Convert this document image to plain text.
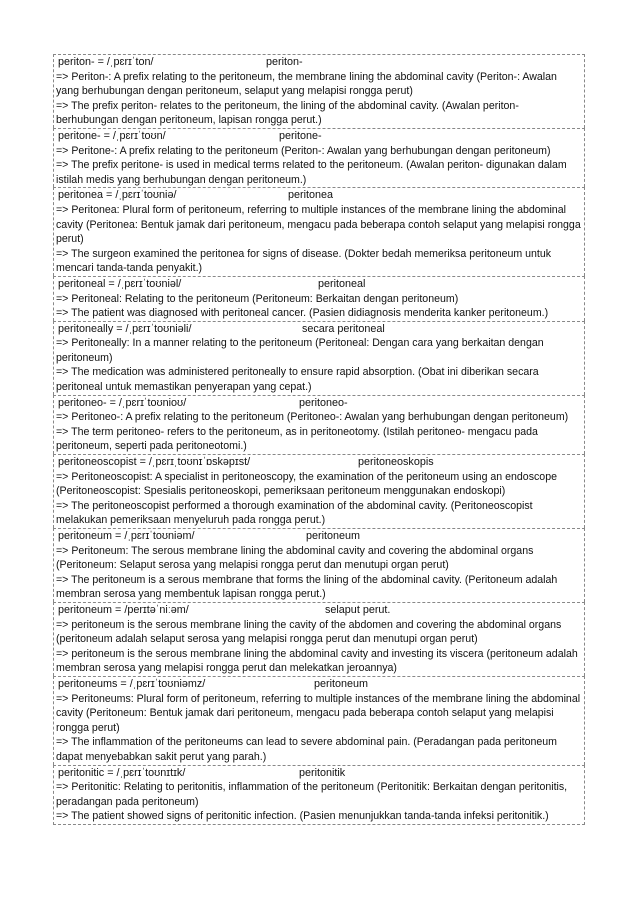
periton- = /ˌpɛrɪˈton/	periton-
=> Periton-: A prefix relating to the peritoneum, the membrane lining the abdominal cavity (Periton-: Awalan yang berhubungan dengan peritoneum, selaput yang melapisi rongga perut)
=> The prefix periton- relates to the peritoneum, the lining of the abdominal cavity. (Awalan periton- berhubungan dengan peritoneum, lapisan rongga perut.)
peritone- = /ˌpɛrɪˈtoʊn/	peritone-
=> Peritone-: A prefix relating to the peritoneum (Periton-: Awalan yang berhubungan dengan peritoneum)
=> The prefix peritone- is used in medical terms related to the peritoneum. (Awalan periton- digunakan dalam istilah medis yang berhubungan dengan peritoneum.)
peritonea = /ˌpɛrɪˈtoʊniə/	peritonea
=> Peritonea: Plural form of peritoneum, referring to multiple instances of the membrane lining the abdominal cavity (Peritonea: Bentuk jamak dari peritoneum, mengacu pada beberapa contoh selaput yang melapisi rongga perut)
=> The surgeon examined the peritonea for signs of disease. (Dokter bedah memeriksa peritoneum untuk mencari tanda-tanda penyakit.)
peritoneal = /ˌpɛrɪˈtoʊniəl/	peritoneal
=> Peritoneal: Relating to the peritoneum (Peritoneum: Berkaitan dengan peritoneum)
=> The patient was diagnosed with peritoneal cancer. (Pasien didiagnosis menderita kanker peritoneum.)
peritoneally = /ˌpɛrɪˈtoʊniəli/	secara peritoneal
=> Peritoneally: In a manner relating to the peritoneum (Peritoneal: Dengan cara yang berkaitan dengan peritoneum)
=> The medication was administered peritoneally to ensure rapid absorption. (Obat ini diberikan secara peritoneal untuk memastikan penyerapan yang cepat.)
peritoneo- = /ˌpɛrɪˈtoʊnioʊ/	peritoneo-
=> Peritoneo-: A prefix relating to the peritoneum (Peritoneo-: Awalan yang berhubungan dengan peritoneum)
=> The term peritoneo- refers to the peritoneum, as in peritoneotomy. (Istilah peritoneo- mengacu pada peritoneum, seperti pada peritoneotomi.)
peritoneoscopist = /ˌpɛrɪˌtoʊnɪˈɒskəpɪst/	peritoneoskopis
=> Peritoneoscopist: A specialist in peritoneoscopy, the examination of the peritoneum using an endoscope (Peritoneoscopist: Spesialis peritoneoskopi, pemeriksaan peritoneum menggunakan endoskopi)
=> The peritoneoscopist performed a thorough examination of the abdominal cavity. (Peritoneoscopist melakukan pemeriksaan menyeluruh pada rongga perut.)
peritoneum = /ˌpɛrɪˈtoʊniəm/	peritoneum
=> Peritoneum: The serous membrane lining the abdominal cavity and covering the abdominal organs (Peritoneum: Selaput serosa yang melapisi rongga perut dan menutupi organ perut)
=> The peritoneum is a serous membrane that forms the lining of the abdominal cavity. (Peritoneum adalah membran serosa yang membentuk lapisan rongga perut.)
peritoneum = /perɪtəˈniːəm/	selaput perut.
=> peritoneum is the serous membrane lining the cavity of the abdomen and covering the abdominal organs (peritoneum adalah selaput serosa yang melapisi rongga perut dan menutupi organ perut)
=> peritoneum is the serous membrane lining the abdominal cavity and investing its viscera (peritoneum adalah membran serosa yang melapisi rongga perut dan melekatkan jeroannya)
peritoneums = /ˌpɛrɪˈtoʊniəmz/	peritoneum
=> Peritoneums: Plural form of peritoneum, referring to multiple instances of the membrane lining the abdominal cavity (Peritoneum: Bentuk jamak dari peritoneum, mengacu pada beberapa contoh selaput yang melapisi rongga perut)
=> The inflammation of the peritoneums can lead to severe abdominal pain. (Peradangan pada peritoneum dapat menyebabkan sakit perut yang parah.)
peritonitic = /ˌpɛrɪˈtoʊnɪtɪk/	peritonitik
=> Peritonitic: Relating to peritonitis, inflammation of the peritoneum (Peritonitik: Berkaitan dengan peritonitis, peradangan pada peritoneum)
=> The patient showed signs of peritonitic infection. (Pasien menunjukkan tanda-tanda infeksi peritonitik.)
